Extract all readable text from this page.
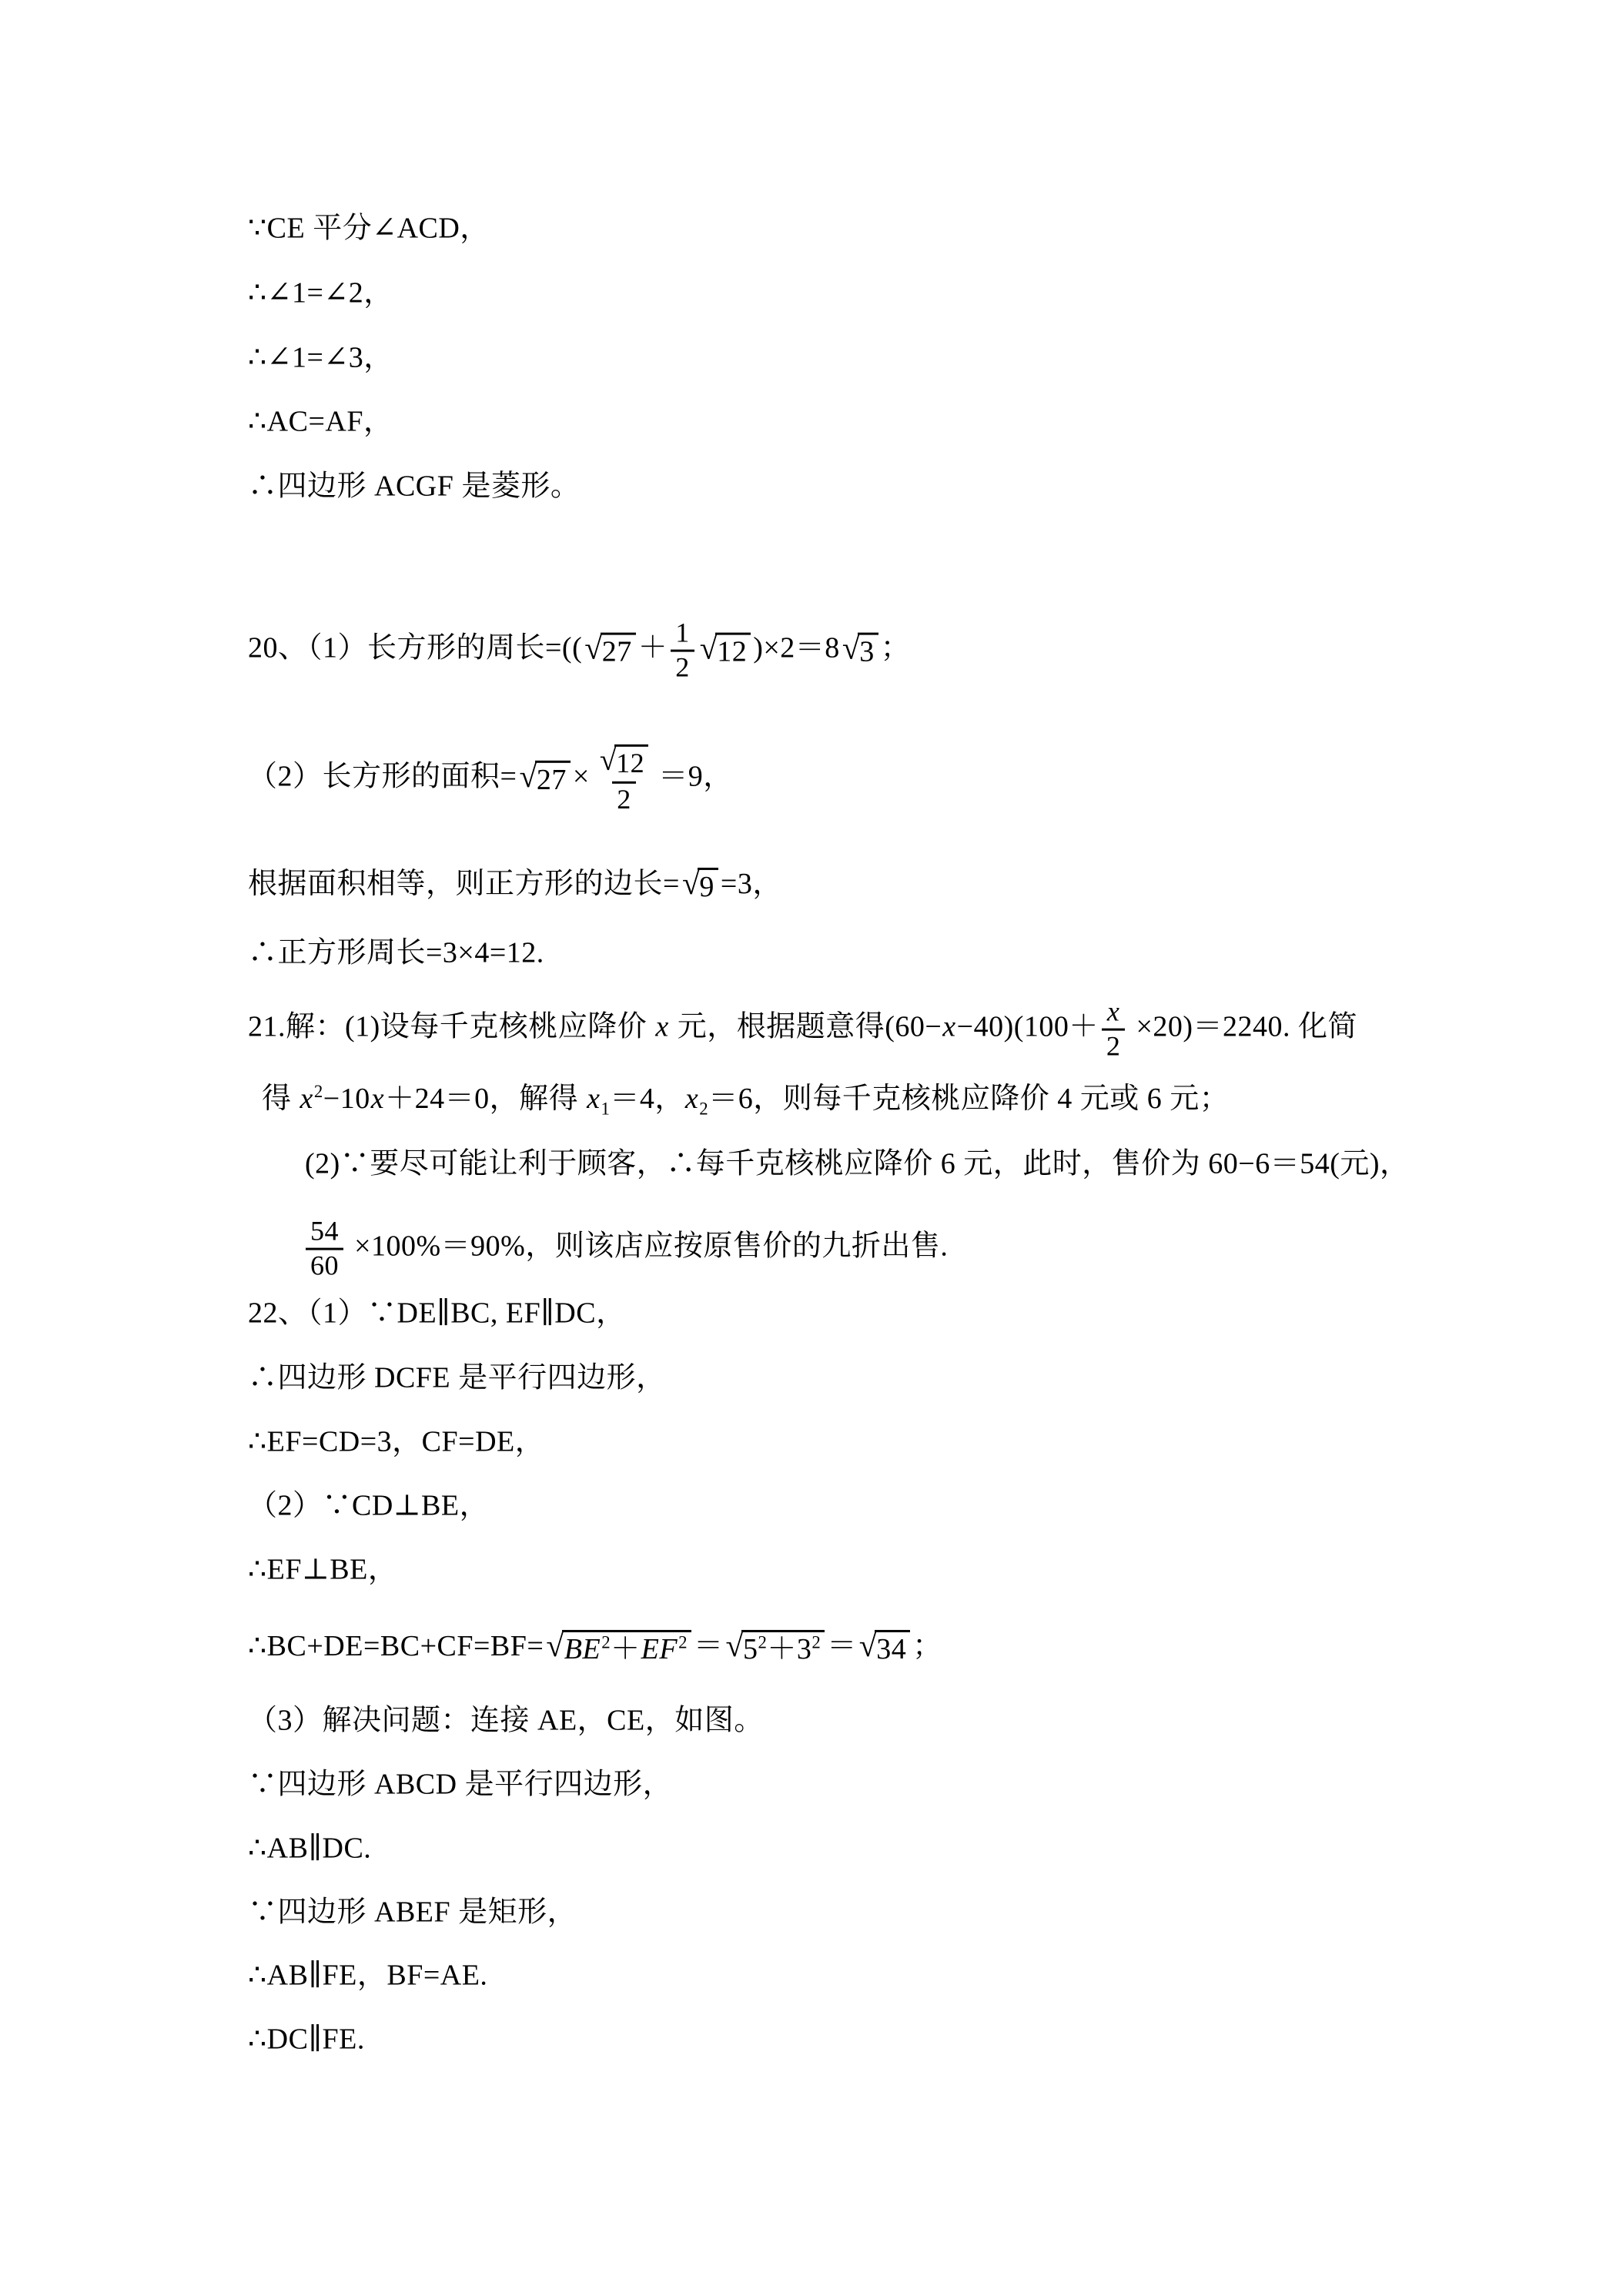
∵CE 平分∠ACD，
∴∠1=∠2，
∴∠1=∠3，
∴AC=AF，
∴四边形 ACGF 是菱形。
20、（1）长方形的周长=(( √ $27 + \frac{1}{2}$ √ 12 )×2＝8 √ 3 ；
（2）长方形的面积= √ $27 \times \frac{√ 12}{2} =9$，
根据面积相等，则正方形的边长= √ 9 =3，
∴正方形周长=3×4=12.
21.解：(1)设每千克核桃应降价 x 元，根据题意得$(60-x-40)(100+ \frac{x}{2} \times 20)=2240$. 化简
得 $x^2-10x+24=0$，解得 $x_1=4$，$x_2=6$，则每千克核桃应降价 4 元或 6 元；
(2)∵要尽可能让利于顾客，∴每千克核桃应降价 6 元，此时，售价为 60−6＝54(元)，
$\frac{54}{60} \times 100\%=90\%$，则该店应按原售价的九折出售.
22、（1）∵DE∥BC, EF∥DC，
∴四边形 DCFE 是平行四边形，
∴EF=CD=3，CF=DE，
（2）∵CD⊥BE，
∴EF⊥BE，
∴BC+DE=BC+CF=BF= √ $BE^2+EF^2$ ＝ √ $5^2+3^2$ ＝ √ 34 ；
（3）解决问题：连接 AE，CE，如图。
∵四边形 ABCD 是平行四边形，
∴AB∥DC.
∵四边形 ABEF 是矩形，
∴AB∥FE，BF=AE.
∴DC∥FE.
